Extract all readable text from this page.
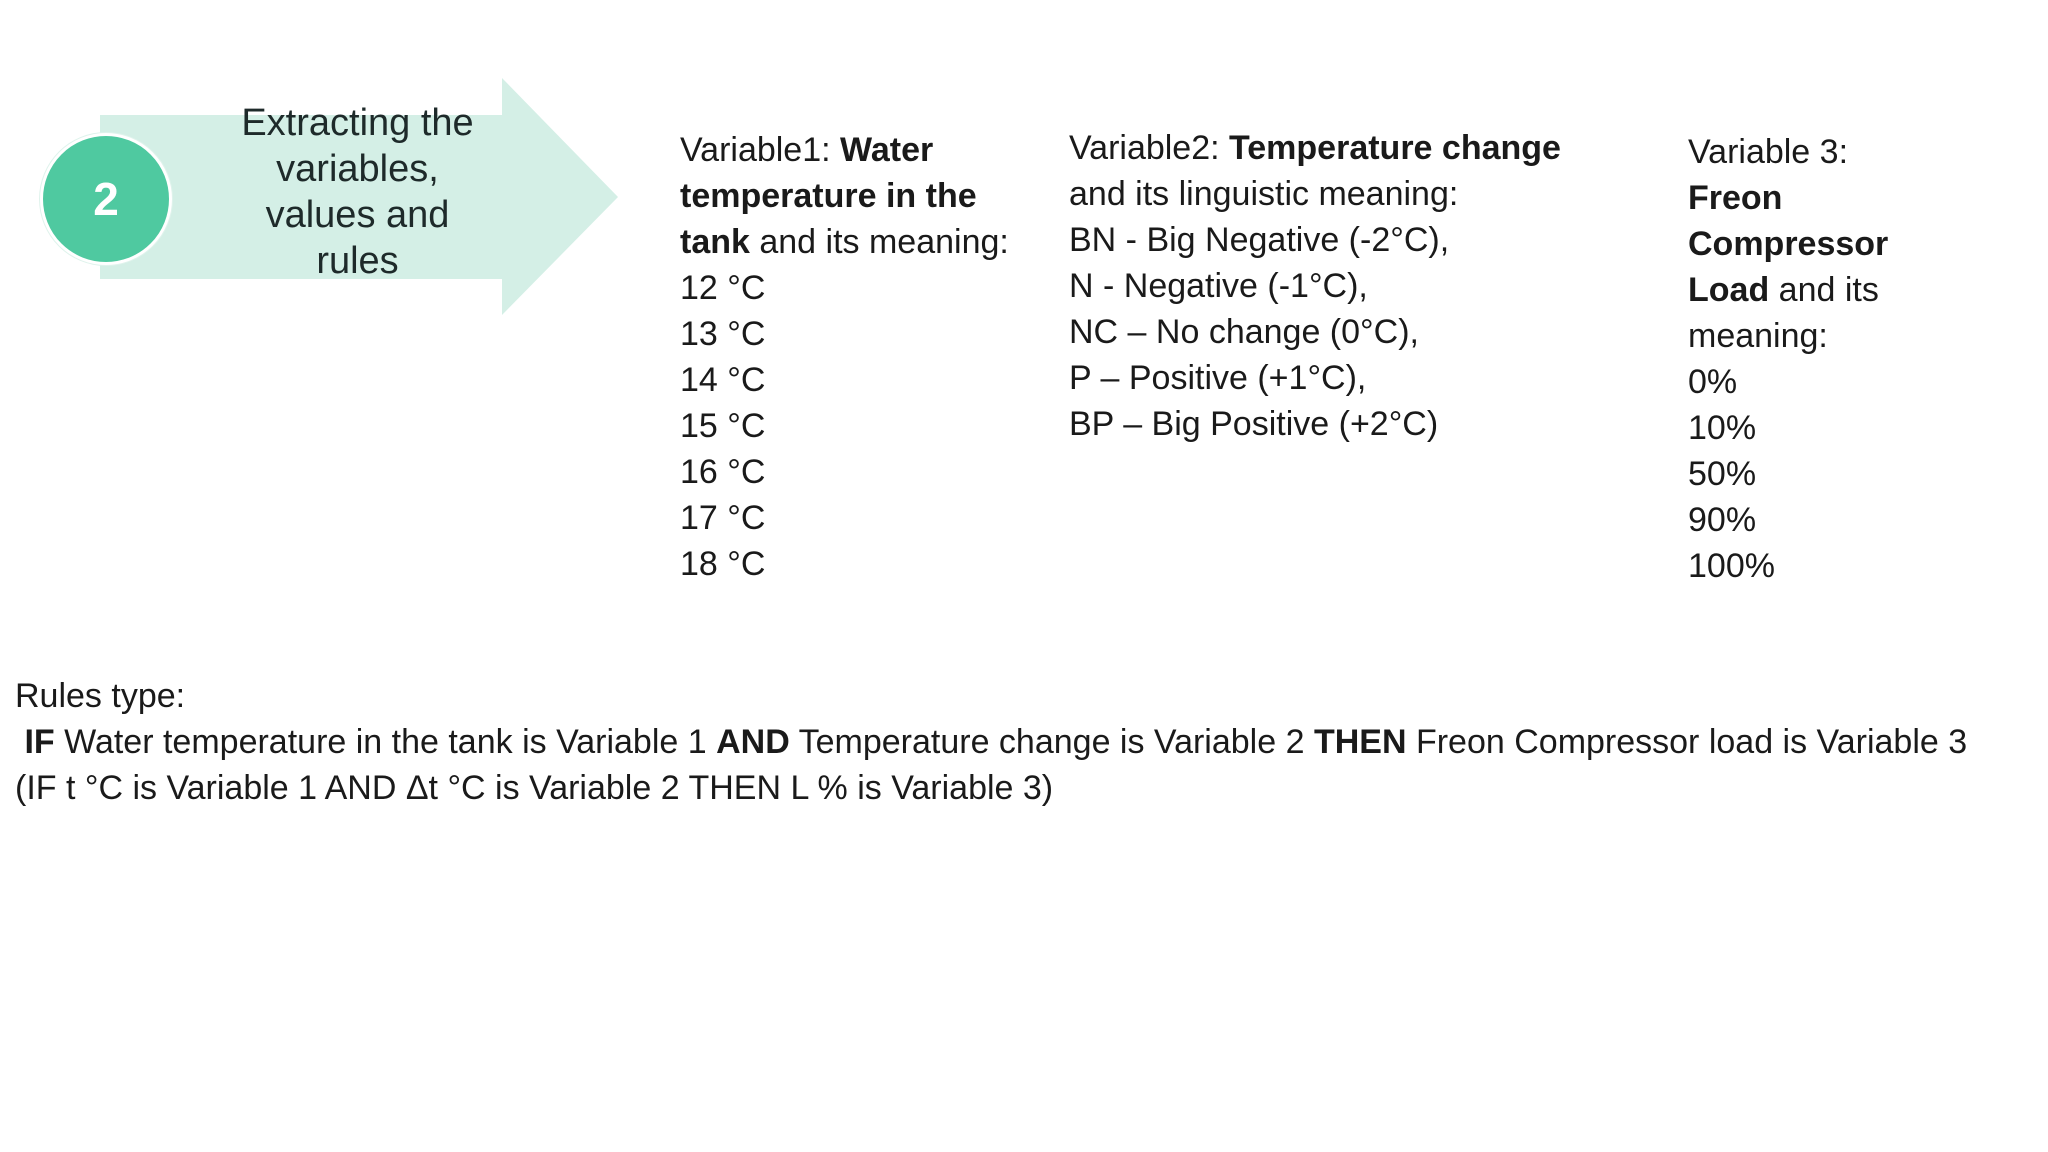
Extracting the
variables,
values and
rules
2
Variable1: Water
temperature in the
tank and its meaning:
12 °C
13 °C
14 °C
15 °C
16 °C
17 °C
18 °C
Variable2: Temperature change
and its linguistic meaning:
BN - Big Negative (-2°C),
N - Negative (-1°C),
NC – No change (0°C),
P – Positive (+1°C),
BP – Big Positive (+2°C)
Variable 3:
Freon
Compressor
Load and its
meaning:
0%
10%
50%
90%
100%
Rules type:
IF Water temperature in the tank is Variable 1 AND Temperature change is Variable 2 THEN Freon Compressor load is Variable 3
(IF t °C is Variable 1 AND Δt °C is Variable 2 THEN L % is Variable 3)
